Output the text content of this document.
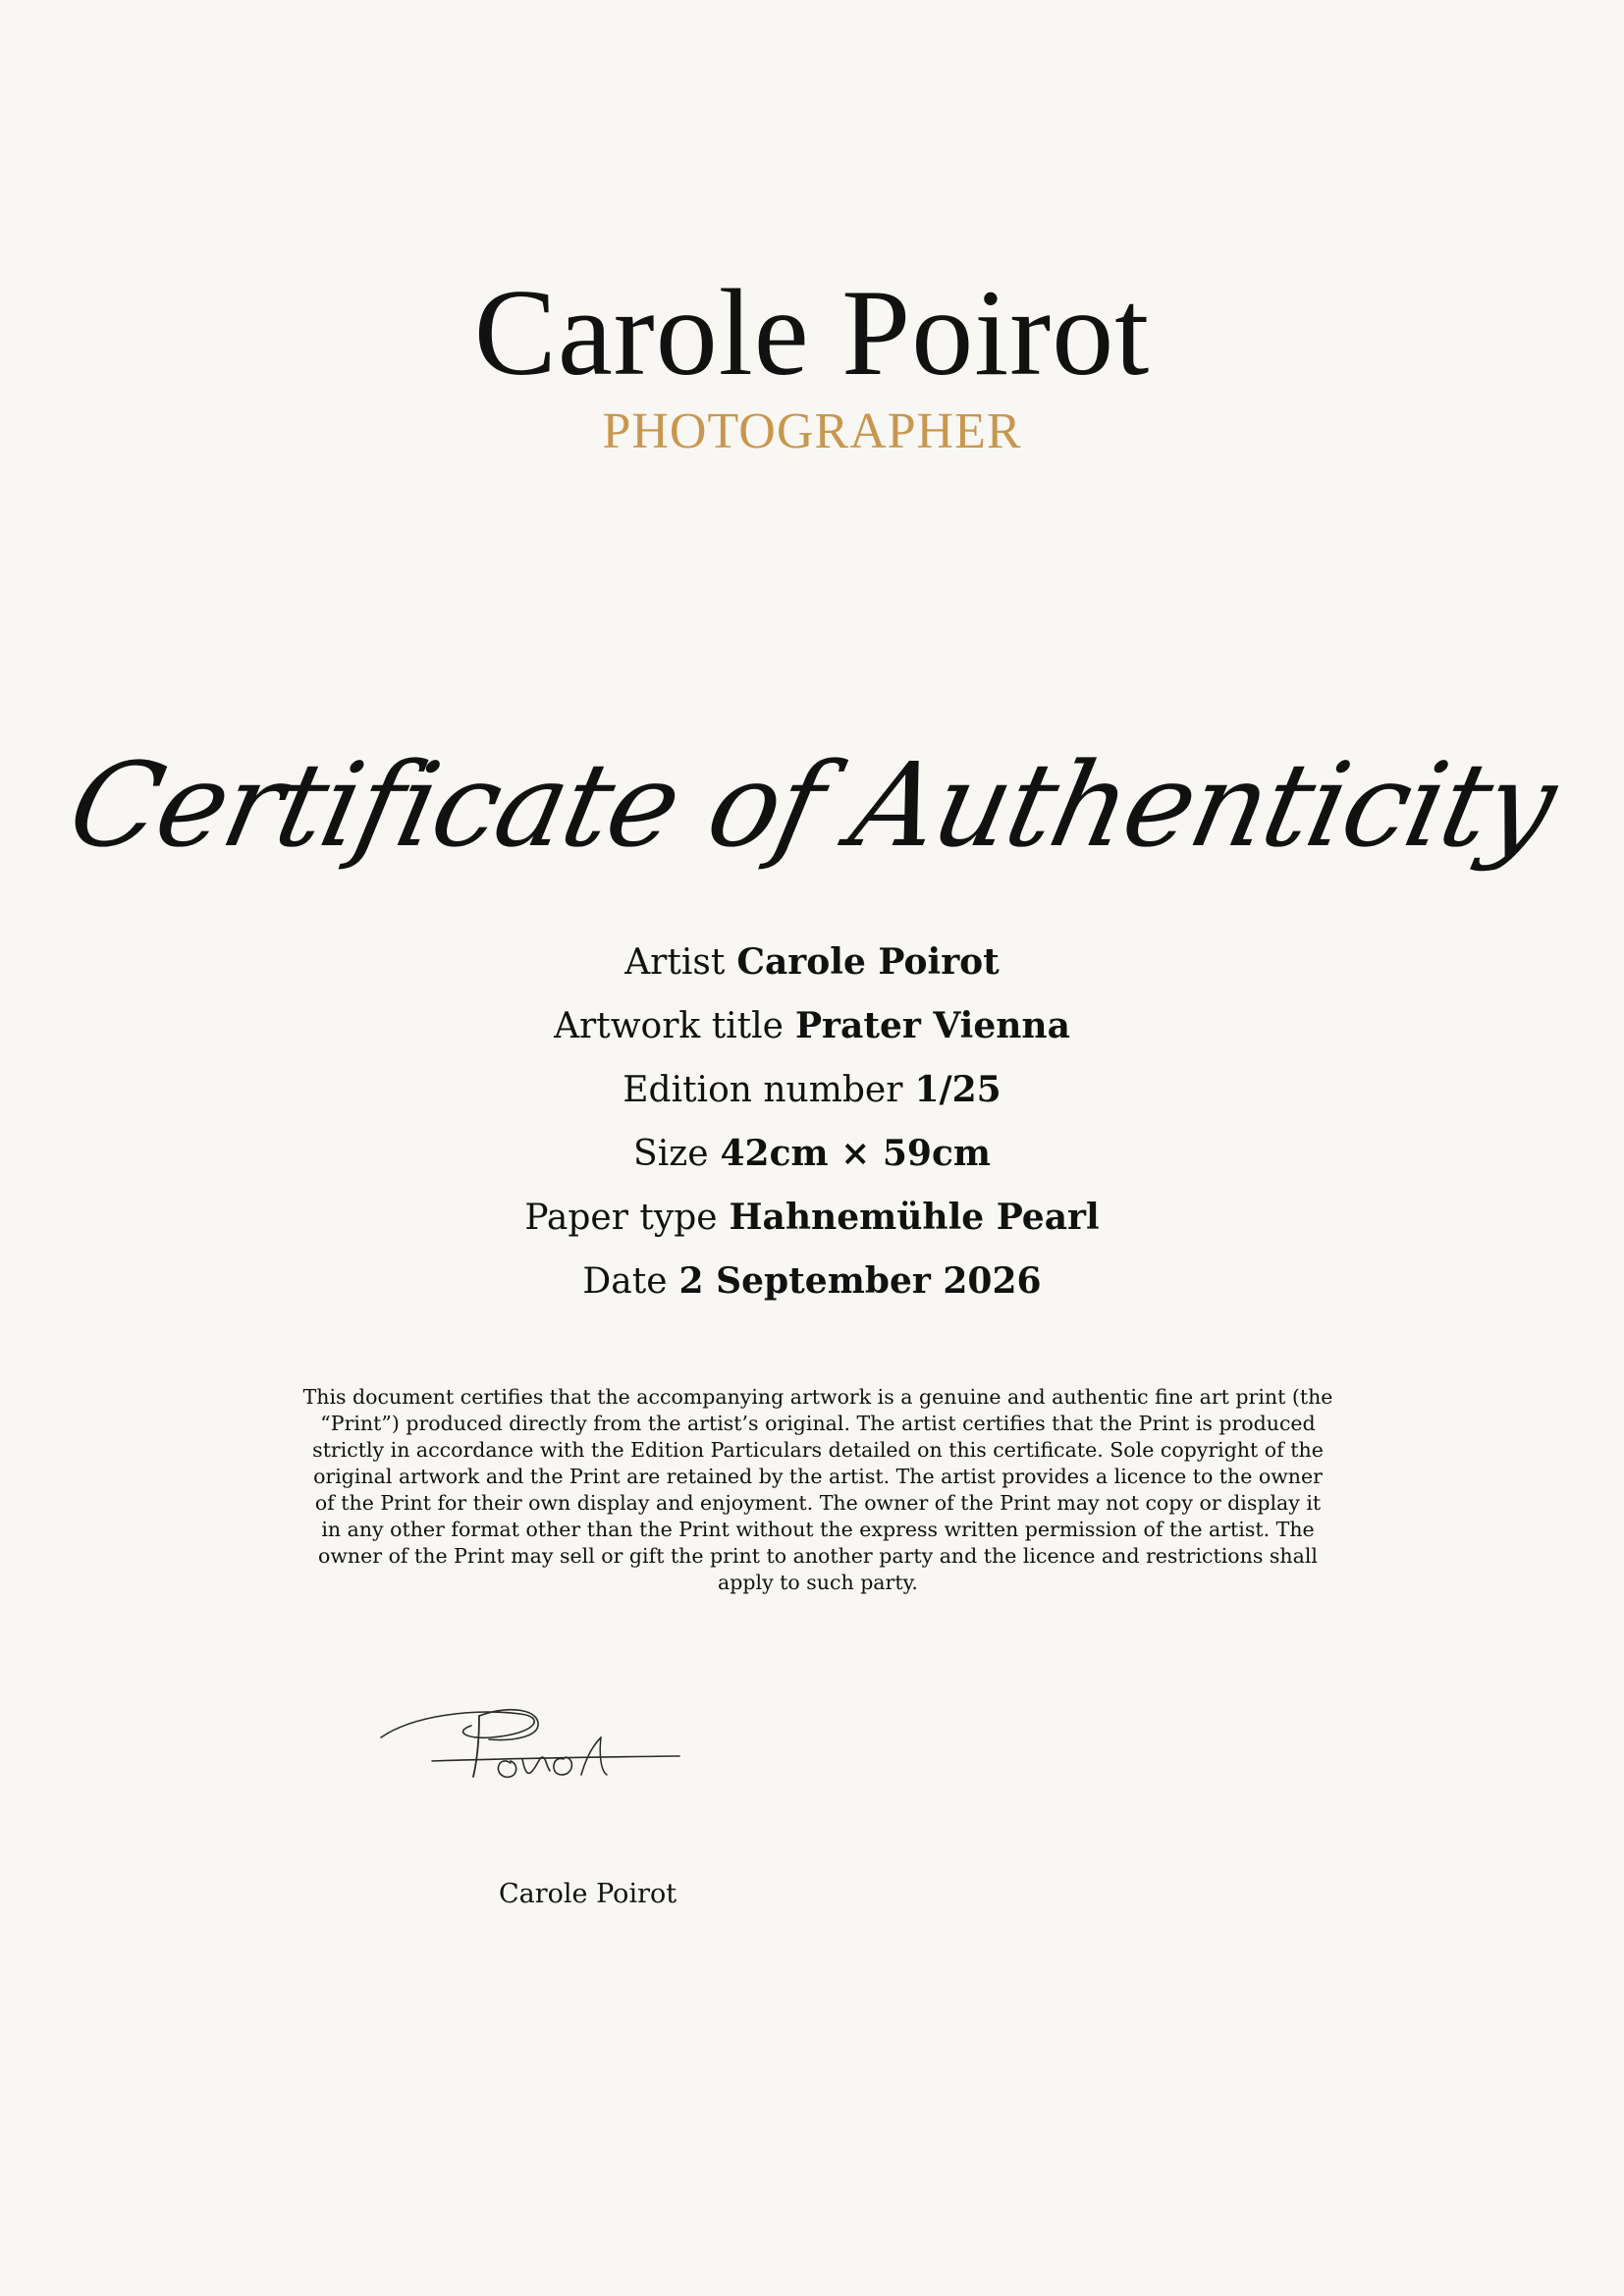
Carole Poirot
PHOTOGRAPHER
Certificate of Authenticity
Artist Carole Poirot
Artwork title Prater Vienna
Edition number 1/25
Size 42cm × 59cm
Paper type Hahnemühle Pearl
Date 2 September 2026
This document certifies that the accompanying artwork is a genuine and authentic fine art print (the “Print”) produced directly from the artist’s original. The artist certifies that the Print is produced strictly in accordance with the Edition Particulars detailed on this certificate. Sole copyright of the original artwork and the Print are retained by the artist. The artist provides a licence to the owner of the Print for their own display and enjoyment. The owner of the Print may not copy or display it in any other format other than the Print without the express written permission of the artist. The owner of the Print may sell or gift the print to another party and the licence and restrictions shall apply to such party.
Carole Poirot
